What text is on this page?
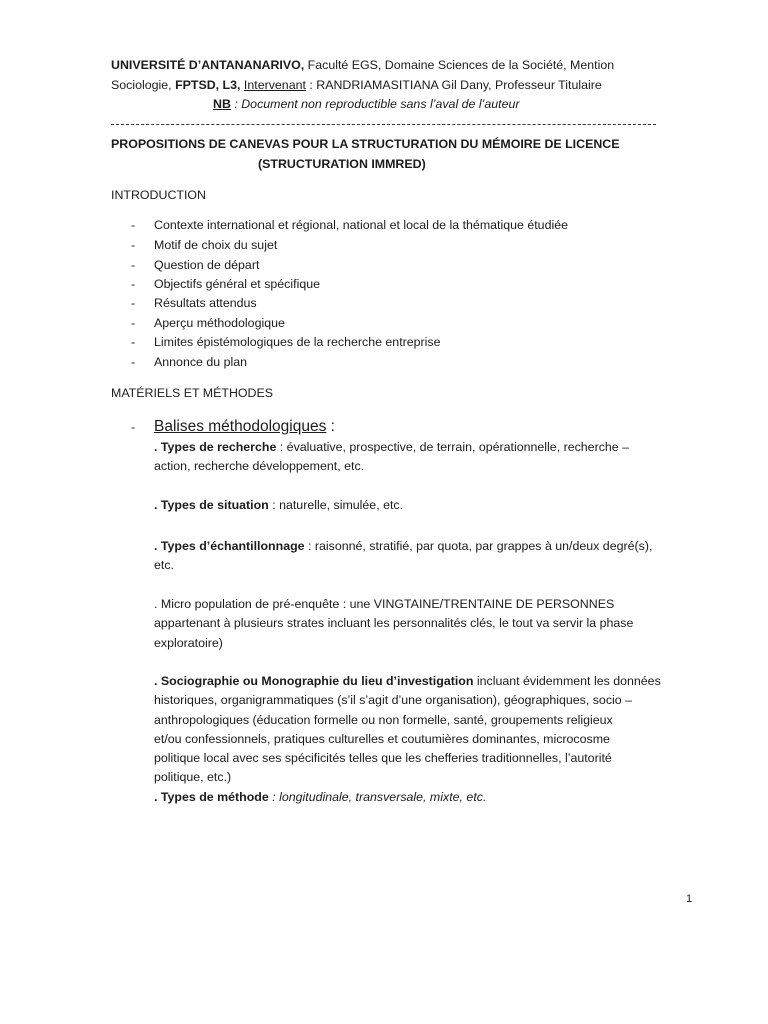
UNIVERSITÉ D’ANTANANARIVO, Faculté EGS, Domaine Sciences de la Société, Mention
Sociologie, FPTSD, L3, Intervenant : RANDRIAMASITIANA Gil Dany, Professeur Titulaire
NB : Document non reproductible sans l’aval de l’auteur
PROPOSITIONS DE CANEVAS POUR LA STRUCTURATION DU MÉMOIRE DE LICENCE
(STRUCTURATION IMMRED)
INTRODUCTION
-	Contexte international et régional, national et local de la thématique étudiée
-	Motif de choix du sujet
-	Question de départ
-	Objectifs général et spécifique
-	Résultats attendus
-	Aperçu méthodologique
-	Limites épistémologiques de la recherche entreprise
-	Annonce du plan
MATÉRIELS ET MÉTHODES
-	Balises méthodologiques :
. Types de recherche : évaluative, prospective, de terrain, opérationnelle, recherche –
action, recherche développement, etc.
. Types de situation : naturelle, simulée, etc.
. Types d’échantillonnage : raisonné, stratifié, par quota, par grappes à un/deux degré(s),
etc.
. Micro population de pré-enquête : une VINGTAINE/TRENTAINE DE PERSONNES
appartenant à plusieurs strates incluant les personnalités clés, le tout va servir la phase
exploratoire)
. Sociographie ou Monographie du lieu d’investigation incluant évidemment les données
historiques, organigrammatiques (s’il s’agit d’une organisation), géographiques, socio –
anthropologiques (éducation formelle ou non formelle, santé, groupements religieux
et/ou confessionnels, pratiques culturelles et coutumières dominantes, microcosme
politique local avec ses spécificités telles que les chefferies traditionnelles, l’autorité
politique, etc.)
. Types de méthode : longitudinale, transversale, mixte, etc.
1
